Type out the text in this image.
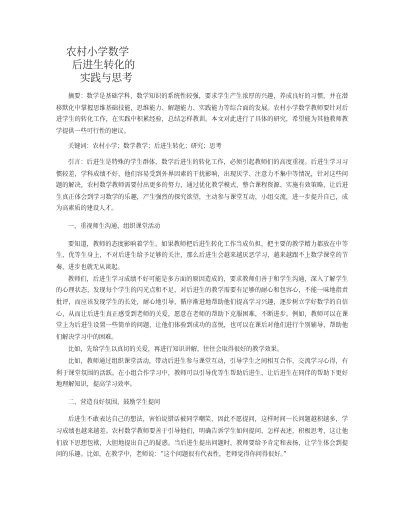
农村小学数学
后进生转化的
实践与思考

摘要：数学是基础学科，数学知识的系统性较强，要求学生产生浓厚的兴趣，养成良好的习惯，并在潜移默化中掌握思维基础技能，思维能力、解题能力、实践能力等综合面的发展。农村小学数学教师要针对后进学生的转化工作，在实践中积累经验，总结怎样教训。本文对此进行了具体的研究，希望能为其他教师教学提供一些可行性的建议。

关键词：农村小学；数学教学；后进生转化；研究；思考

引言：后进生是特殊的学生群体，数学后进生的转化工作，必须引起教师们的高度重视。后进生学习习惯较差，学科成绩不好，他们容易受到外界因素的干扰影响，出现厌学、注意力不集中等情况，针对这些问题的解决，农村数学教师需要付出更多的努力，通过优化教学模式、整合课程资源、实施有效策略，让后进生真正体会到学习数学的乐趣，产生强烈的探究欲望，主动参与课堂互动，小组交流，进一步提升自己，成为高素质的建设人才。

一、重视师生沟通，组织课堂活动

要知道，教师的态度影响着学生。如果教师把后进生转化工作当成负担，把主要的教学精力都放在中等生、优等生身上，不对后进生给予足够的关注，那么后进生会越来越厌恶学习，越来越跟不上数学课堂的节奏，进步也就无从谈起。

教师们，后进生学习成绩不好可能是多方面的原因造成的，要求教师们善于和学生沟通，深入了解学生的心理状态，发现每个学生的闪光点和不足，对后进生的教学需要有足够的耐心和包容心，不能一味地指责批评，而应该发现学生的长处，耐心地引导，循序渐进地帮助他们提高学习兴趣，逐步树立学好数学的自信心，从而让后进生真正感受到老师的关爱，愿意在老师的帮助下克服困难，不断进步。例如，教师可以在课堂上为后进生设置一些简单的问题，让他们体验到成功的喜悦，也可以在课后对他们进行个别辅导，帮助他们解决学习中的困难。

比如，先给学生以真切的关爱，再进行知识讲解，往往会取得很好的教学效果。

比如，教师通过组织课堂活动，带动后进生参与课堂互动，引导学生之间相互合作，交流学习心得，有利于课堂氛围的活跃。在小组合作学习中，教师可以引导优等生帮助后进生，让后进生在同伴的帮助下更好地理解知识，提高学习效率。

二、营造良好氛围，鼓励学生提问

后进生不敢表达自己的想法，害怕说错话被同学嘲笑，因此不愿提问，这样时间一长问题越积越多，学习成绩也越来越差。农村数学教师要善于引导他们，明确告诉学生如何提问、怎样表述，积极思考，这让他们放下思想包袱，大胆地提出自己的疑惑。当后进生提出问题时，教师要给予肯定和表扬，让学生体会到提问的乐趣。比如，在教学中，老师说：“这个问题很有代表性，老师觉得你问得很好。”
